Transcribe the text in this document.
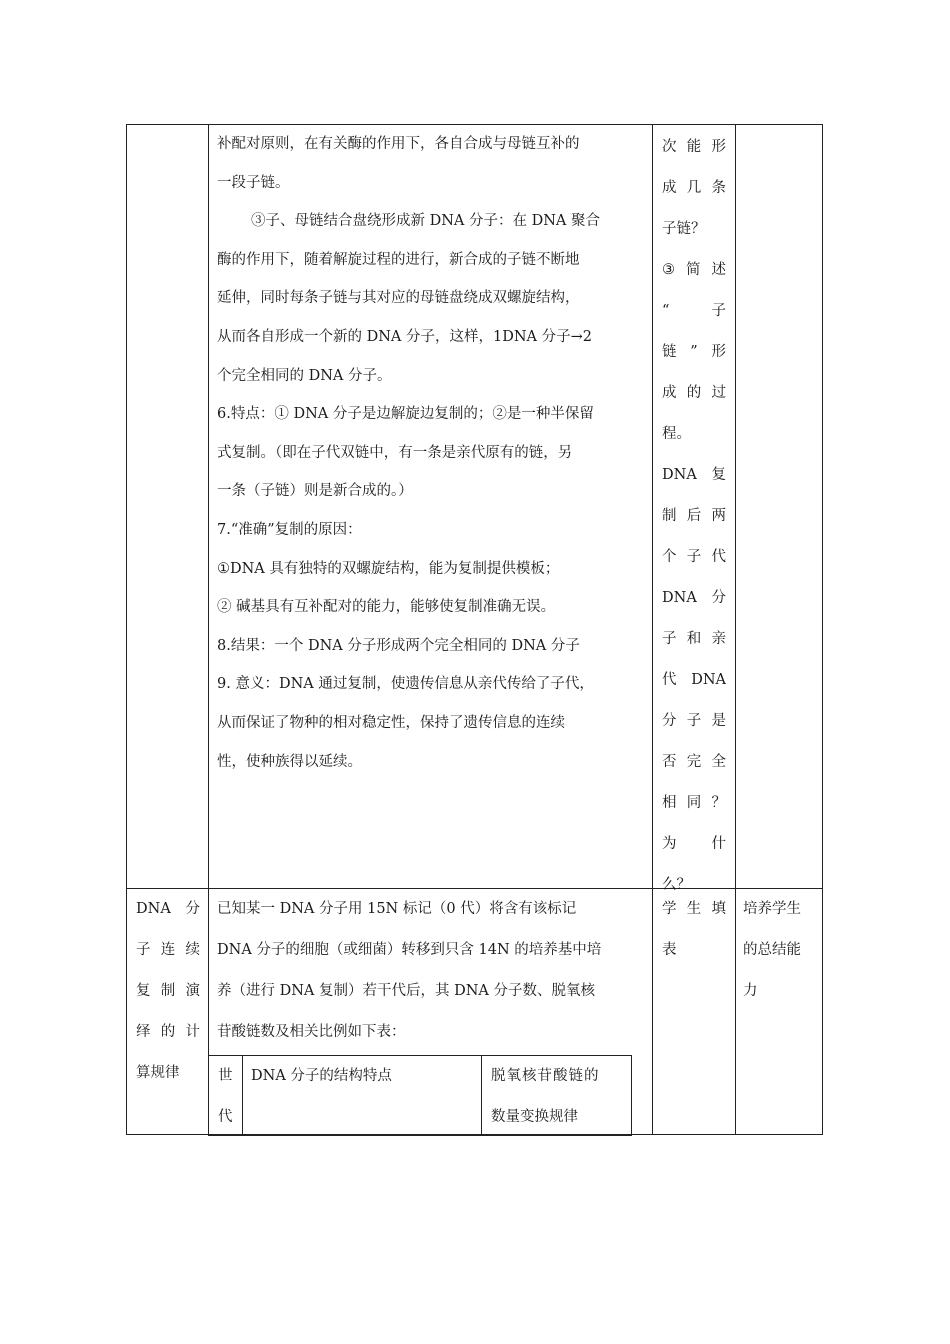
补配对原则，在有关酶的作用下，各自合成与母链互补的
一段子链。
③子、母链结合盘绕形成新 DNA 分子：在 DNA 聚合
酶的作用下，随着解旋过程的进行，新合成的子链不断地
延伸，同时每条子链与其对应的母链盘绕成双螺旋结构，
从而各自形成一个新的 DNA 分子，这样，1DNA 分子→2
个完全相同的 DNA 分子。
6.特点：① DNA 分子是边解旋边复制的；②是一种半保留
式复制。（即在子代双链中，有一条是亲代原有的链，另
一条（子链）则是新合成的。）
7.“准确”复制的原因：
①DNA 具有独特的双螺旋结构，能为复制提供模板；
② 碱基具有互补配对的能力，能够使复制准确无误。
8.结果：一个 DNA 分子形成两个完全相同的 DNA 分子
9. 意义：DNA 通过复制，使遗传信息从亲代传给了子代，
从而保证了物种的相对稳定性，保持了遗传信息的连续
性，使种族得以延续。
次 能 形
成 几 条
子链？
③ 简 述
“	子
链 ” 形
成 的 过
程。
DNA 复
制 后 两
个 子 代
DNA 分
子 和 亲
代 DNA
分 子 是
否 完 全
相 同 ？
为 什
么？
DNA 分
子 连 续
复 制 演
绎 的 计
算规律
已知某一 DNA 分子用 15N 标记（0 代）将含有该标记
DNA 分子的细胞（或细菌）转移到只含 14N 的培养基中培
养（进行 DNA 复制）若干代后，其 DNA 分子数、脱氧核
苷酸链数及相关比例如下表：
学 生 填
表
培养学生
的总结能
力
世
代
DNA 分子的结构特点	脱氧核苷酸链的
数量变换规律
